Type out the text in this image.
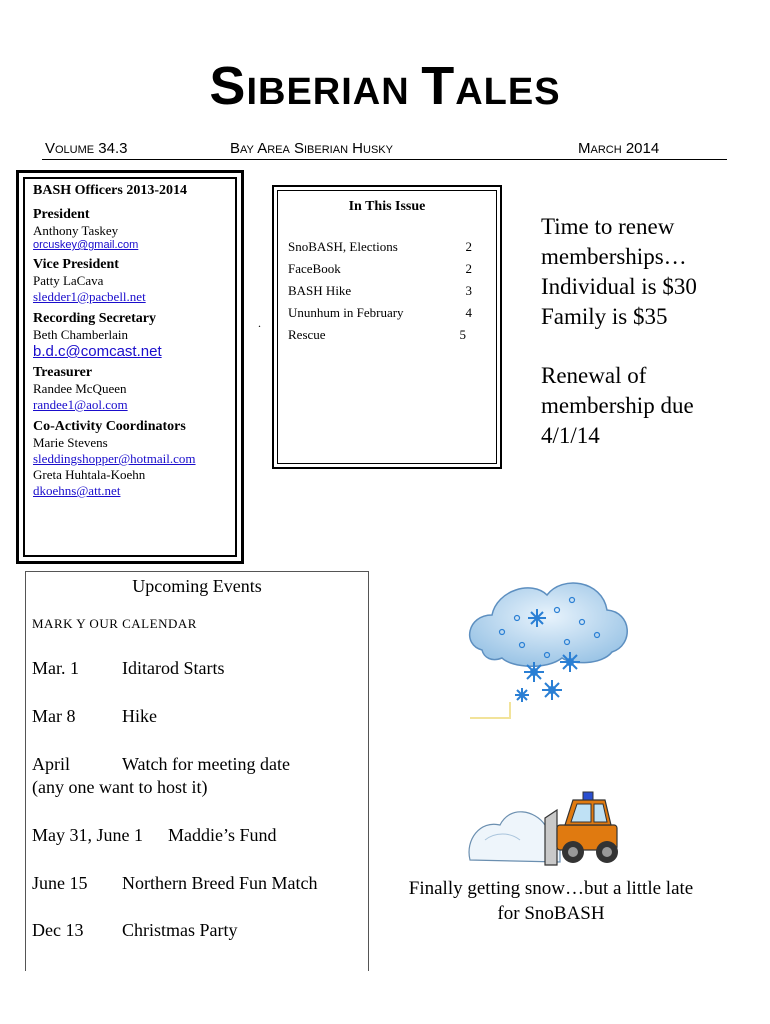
SIBERIAN TALES
Volume 34.3	Bay Area Siberian Husky	March 2014
BASH Officers 2013-2014
President
Anthony Taskey
orcuskey@gmail.com
Vice President
Patty LaCava
sledder1@pacbell.net
Recording Secretary
Beth Chamberlain
b.d.c@comcast.net
Treasurer
Randee McQueen
randee1@aol.com
Co-Activity Coordinators
Marie Stevens
sleddingshopper@hotmail.com
Greta Huhtala-Koehn
dkoehns@att.net
In This Issue
SnoBASH, Elections	2
FaceBook	2
BASH Hike	3
Ununhum in February	4
Rescue	5
.
Time to renew
memberships…
Individual is $30
Family is $35
Renewal of
membership due
4/1/14
Upcoming Events
MARK Y OUR CALENDAR
Mar. 1 Iditarod Starts
Mar 8	Hike
April	Watch for meeting date
(any one want to host it)
May 31, June 1 Maddie’s Fund
June 15 Northern Breed Fun Match
Dec 13 Christmas Party
Finally getting snow…but a little late
for SnoBASH
